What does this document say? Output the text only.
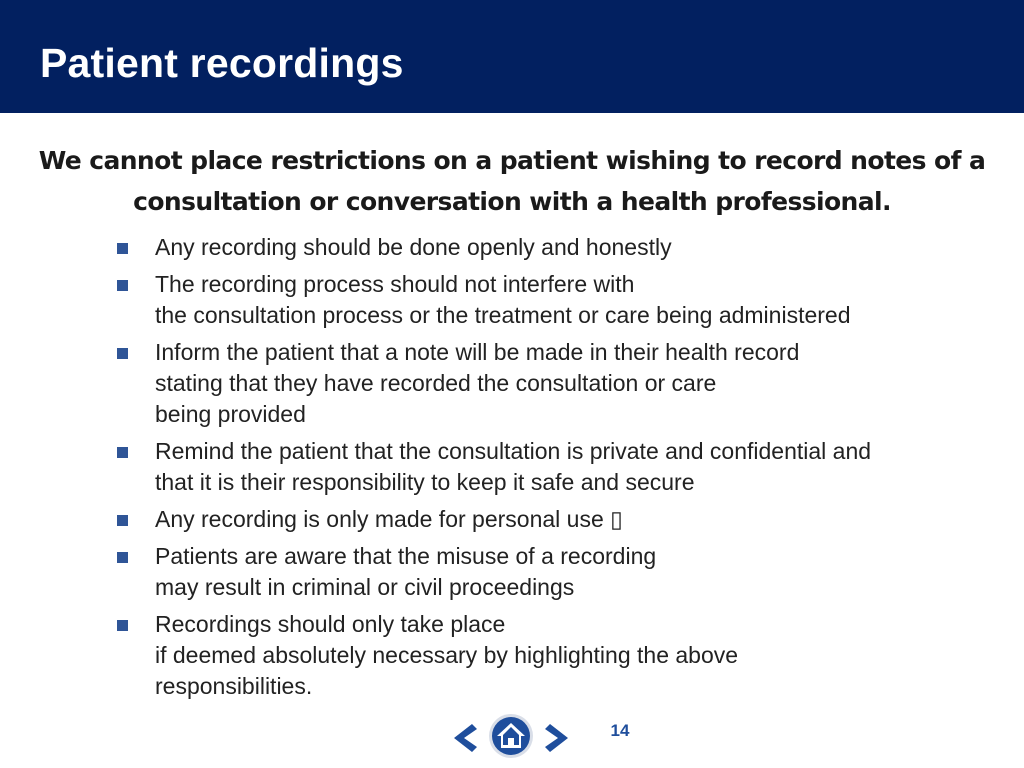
Patient recordings

We cannot place restrictions on a patient wishing to record notes of a
consultation or conversation with a health professional.

Any recording should be done openly and honestly
The recording process should not interfere with
the consultation process or the treatment or care being administered
Inform the patient that a note will be made in their health record
stating that they have recorded the consultation or care
being provided
Remind the patient that the consultation is private and confidential and
that it is their responsibility to keep it safe and secure
Any recording is only made for personal use ▯
Patients are aware that the misuse of a recording
may result in criminal or civil proceedings
Recordings should only take place
if deemed absolutely necessary by highlighting the above
responsibilities.
14
